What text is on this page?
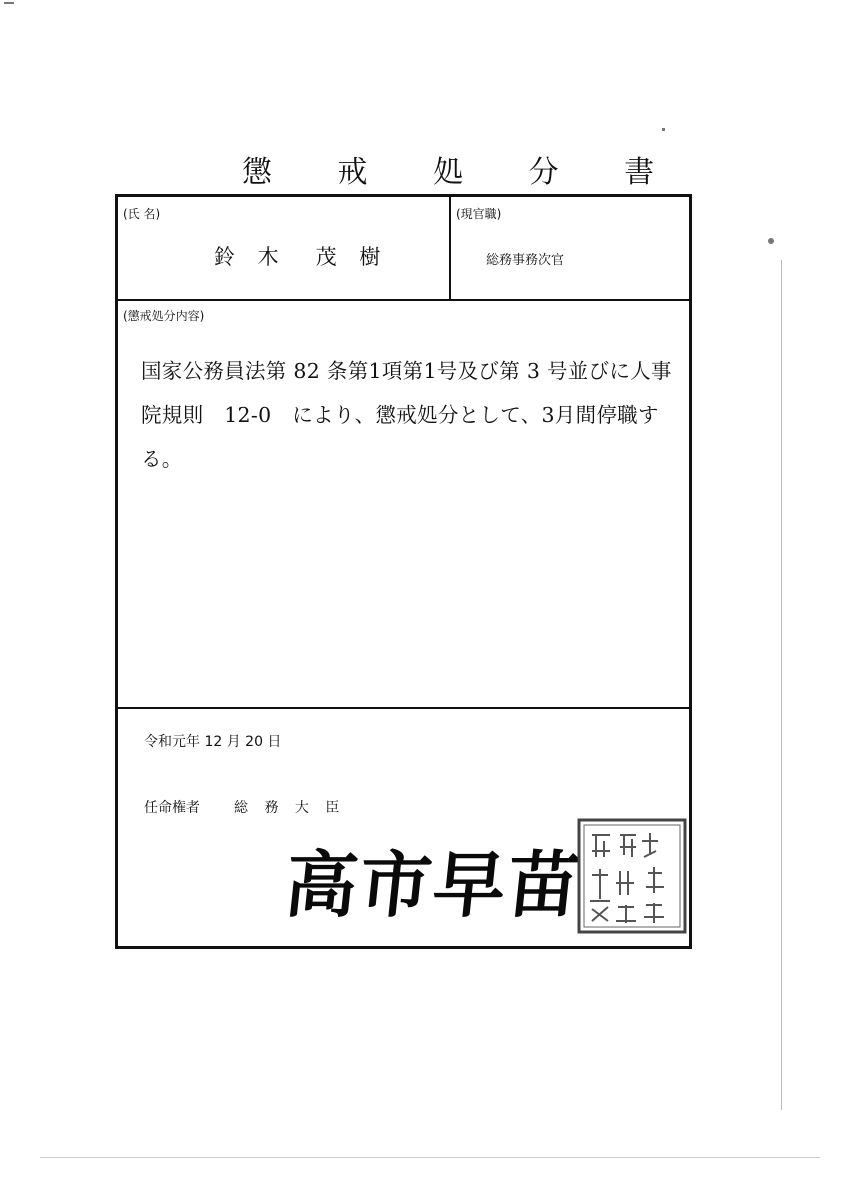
懲 戒 処 分 書
(氏 名)
鈴 木　茂 樹
(現官職)
総務事務次官
(懲戒処分内容)

国家公務員法第 82 条第1項第1号及び第 3 号並びに人事院規則　12-0　により、懲戒処分として、3月間停職する。

令和元年 12 月 20 日
任命権者 総 務 大 臣
高市早苗
